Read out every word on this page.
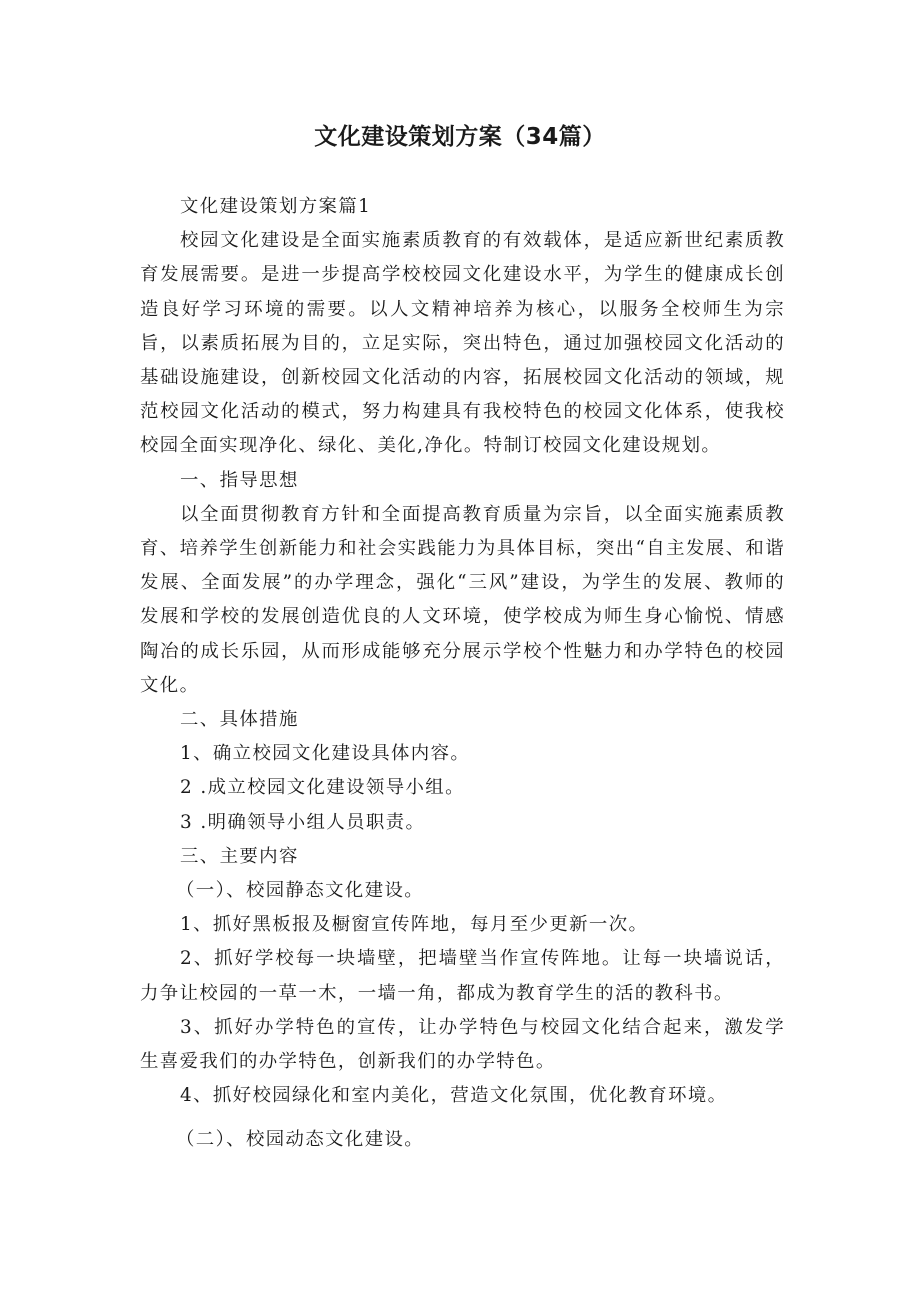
文化建设策划方案（34篇）

文化建设策划方案篇1

校园文化建设是全面实施素质教育的有效载体，是适应新世纪素质教育发展需要。是进一步提高学校校园文化建设水平，为学生的健康成长创造良好学习环境的需要。以人文精神培养为核心，以服务全校师生为宗旨，以素质拓展为目的，立足实际，突出特色，通过加强校园文化活动的基础设施建设，创新校园文化活动的内容，拓展校园文化活动的领域，规范校园文化活动的模式，努力构建具有我校特色的校园文化体系，使我校校园全面实现净化、绿化、美化,净化。特制订校园文化建设规划。

一、指导思想

以全面贯彻教育方针和全面提高教育质量为宗旨，以全面实施素质教育、培养学生创新能力和社会实践能力为具体目标，突出“自主发展、和谐发展、全面发展”的办学理念，强化“三风”建设，为学生的发展、教师的发展和学校的发展创造优良的人文环境，使学校成为师生身心愉悦、情感陶冶的成长乐园，从而形成能够充分展示学校个性魅力和办学特色的校园文化。

二、具体措施

1、确立校园文化建设具体内容。

2 .成立校园文化建设领导小组。

3 .明确领导小组人员职责。

三、主要内容

（一）、校园静态文化建设。

1、抓好黑板报及橱窗宣传阵地，每月至少更新一次。

2、抓好学校每一块墙壁，把墙壁当作宣传阵地。让每一块墙说话，力争让校园的一草一木，一墙一角，都成为教育学生的活的教科书。

3、抓好办学特色的宣传，让办学特色与校园文化结合起来，激发学生喜爱我们的办学特色，创新我们的办学特色。

4、抓好校园绿化和室内美化，营造文化氛围，优化教育环境。

（二）、校园动态文化建设。
